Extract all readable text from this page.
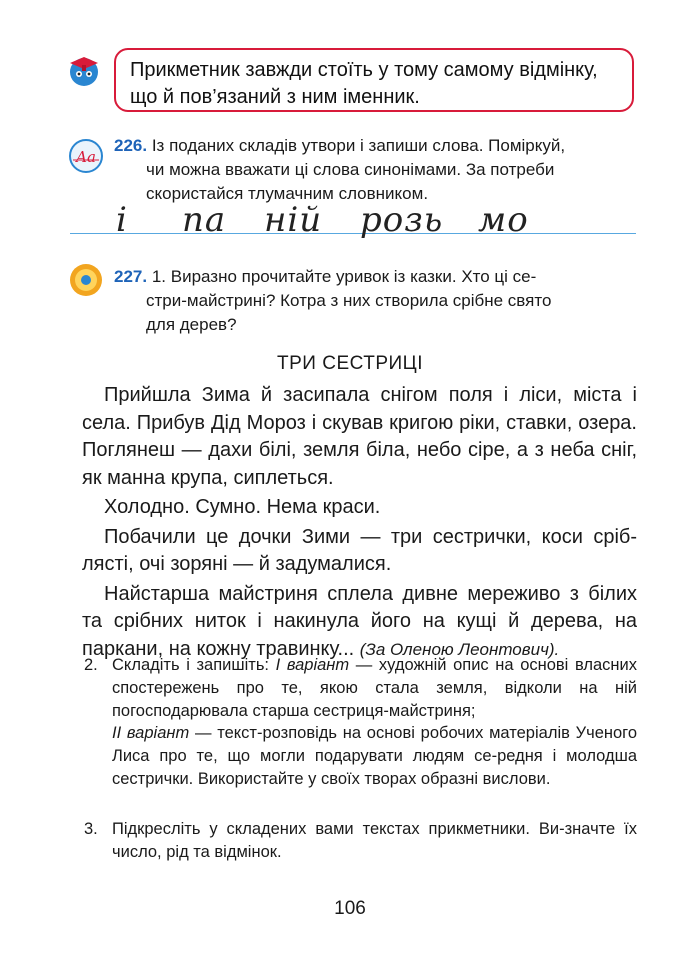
Прикметник завжди стоїть у тому самому відмінку,
що й пов’язаний з ним іменник.
Aa
226. Із поданих складів утвори і запиши слова. Поміркуй,
чи можна вважати ці слова синонімами. За потреби
скористайся тлумачним словником.
і па ній розь мо
227. 1. Виразно прочитайте уривок із казки. Хто ці се-
стри-майстрині? Котра з них створила срібне свято
для дерев?
ТРИ СЕСТРИЦІ

Прийшла Зима й засипала снігом поля і ліси, міста і села. Прибув Дід Мороз і скував кригою ріки, ставки, озера. Поглянеш — дахи білі, земля біла, небо сіре, а з неба сніг, як манна крупа, сиплеться.

Холодно. Сумно. Нема краси.

Побачили це дочки Зими — три сестрички, коси сріб-лясті, очі зоряні — й задумалися.

Найстарша майстриня сплела дивне мереживо з білих та срібних ниток і накинула його на кущі й дерева, на паркани, на кожну травинку... (За Оленою Леонтович).

2. Складіть і запишіть: І варіант — художній опис на основі власних спостережень про те, якою стала земля, відколи на ній погосподарювала старша сестриця-майстриня;

ІІ варіант — текст-розповідь на основі робочих матеріалів Ученого Лиса про те, що могли подарувати людям се-редня і молодша сестрички. Використайте у своїх творах образні вислови.

3. Підкресліть у складених вами текстах прикметники. Ви-значте їх число, рід та відмінок.

106
